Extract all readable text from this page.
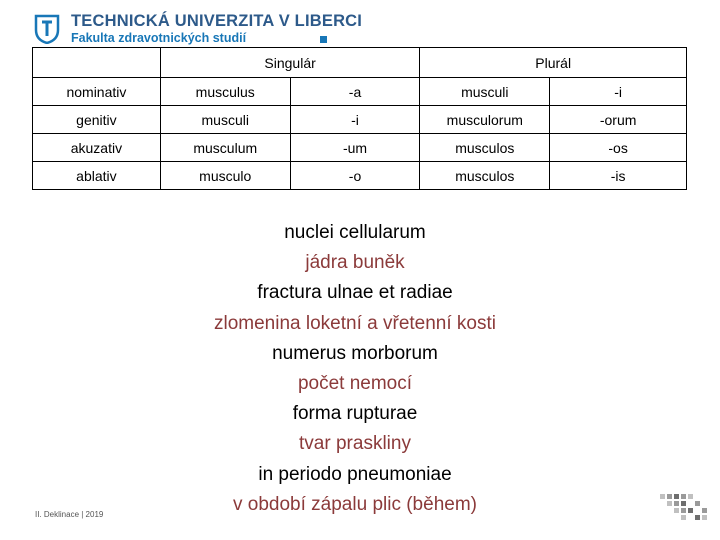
TECHNICKÁ UNIVERZITA V LIBERCI
Fakulta zdravotnických studií
	Singulár		Plurál	
nominativ	musculus	-a	musculi	-i
genitiv	musculi	-i	musculorum	-orum
akuzativ	musculum	-um	musculos	-os
ablativ	musculo	-o	musculos	-is
nuclei cellularum
jádra buněk
fractura ulnae et radiae
zlomenina loketní a vřetenní kosti
numerus morborum
počet nemocí
forma rupturae
tvar praskliny
in periodo pneumoniae
v období zápalu plic (během)
II. Deklinace | 2019
